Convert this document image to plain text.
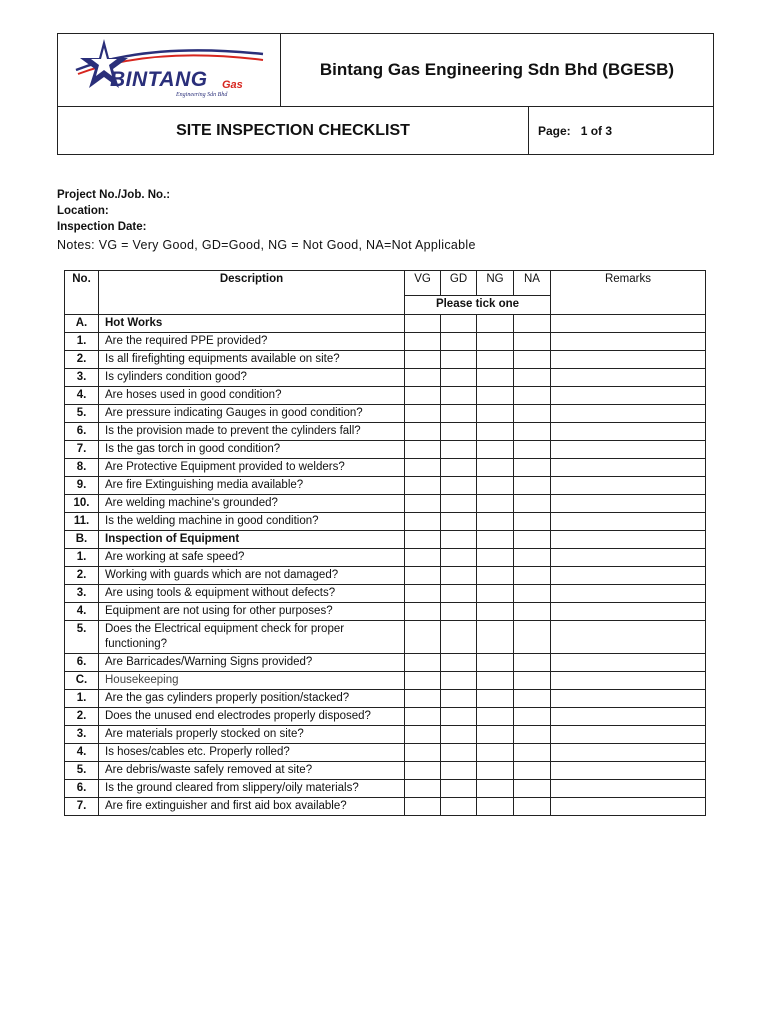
BINTANG Gas
Engineering Sdn Bhd
Bintang Gas Engineering Sdn Bhd (BGESB)
SITE INSPECTION CHECKLIST	Page: 1 of 3
Project No./Job. No.:
Location:
Inspection Date:
Notes: VG = Very Good, GD=Good, NG = Not Good, NA=Not Applicable
No.	Description	VG	GD	NG	NA	Remarks
		Please tick one				
A.	Hot Works					
1.	Are the required PPE provided?					
2.	Is all firefighting equipments available on site?					
3.	Is cylinders condition good?					
4.	Are hoses used in good condition?					
5.	Are pressure indicating Gauges in good condition?					
6.	Is the provision made to prevent the cylinders fall?					
7.	Is the gas torch in good condition?					
8.	Are Protective Equipment provided to welders?					
9.	Are fire Extinguishing media available?					
10.	Are welding machine's grounded?					
11.	Is the welding machine in good condition?					
B.	Inspection of Equipment					
1.	Are working at safe speed?					
2.	Working with guards which are not damaged?					
3.	Are using tools & equipment without defects?					
4.	Equipment are not using for other purposes?					
5.	Does the Electrical equipment check for proper functioning?					
6.	Are Barricades/Warning Signs provided?					
C.	Housekeeping					
1.	Are the gas cylinders properly position/stacked?					
2.	Does the unused end electrodes properly disposed?					
3.	Are materials properly stocked on site?					
4.	Is hoses/cables etc. Properly rolled?					
5.	Are debris/waste safely removed at site?					
6.	Is the ground cleared from slippery/oily materials?					
7.	Are fire extinguisher and first aid box available?					
